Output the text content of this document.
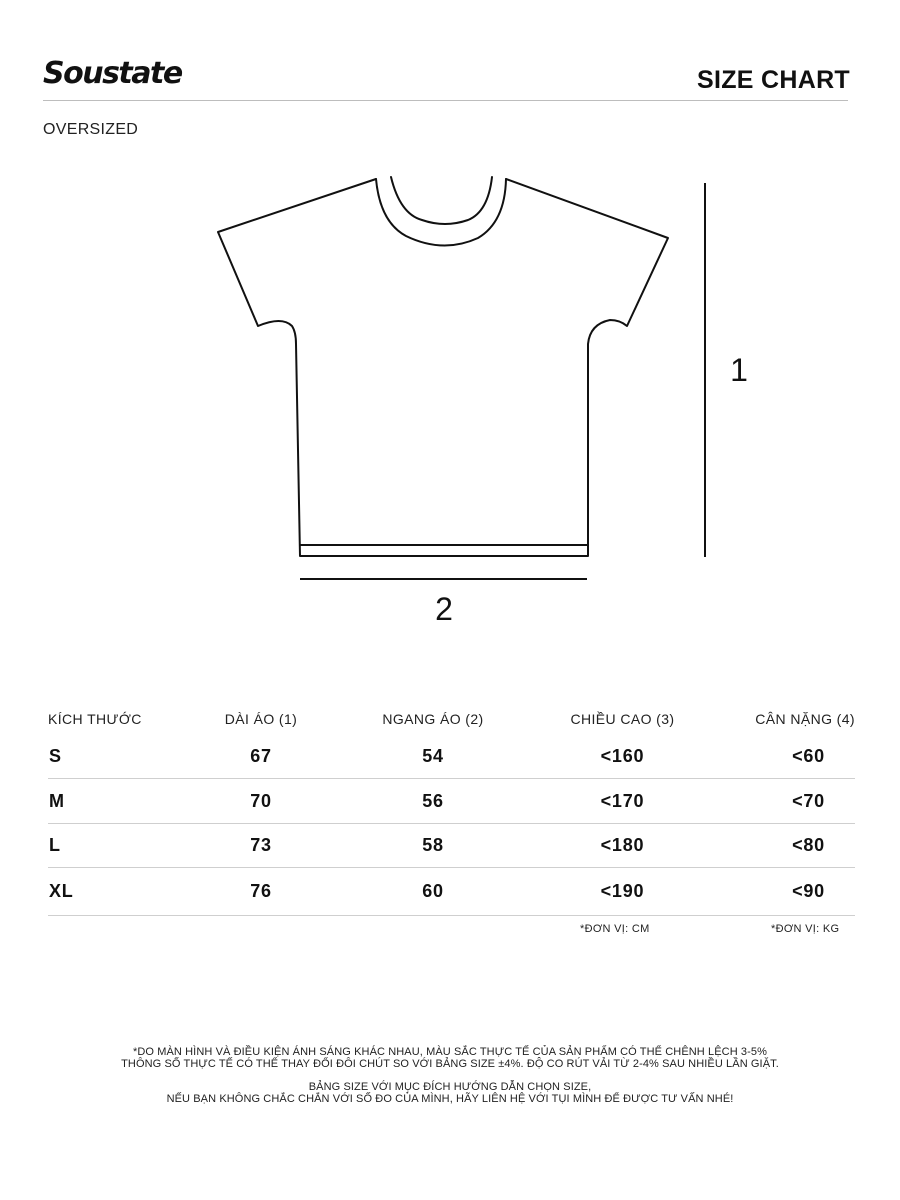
Soustate	SIZE CHART
OVERSIZED
1
2
KÍCH THƯỚC	DÀI ÁO (1)	NGANG ÁO (2)	CHIỀU CAO (3)	CÂN NẶNG (4)
S	67	54	<160	<60
M	70	56	<170	<70
L	73	58	<180	<80
XL	76	60	<190	<90
*ĐƠN VỊ: CM	*ĐƠN VỊ: KG
*DO MÀN HÌNH VÀ ĐIỀU KIỆN ÁNH SÁNG KHÁC NHAU, MÀU SẮC THỰC TẾ CỦA SẢN PHẨM CÓ THỂ CHÊNH LỆCH 3-5%
THÔNG SỐ THỰC TẾ CÓ THỂ THAY ĐỔI ĐÔI CHÚT SO VỚI BẢNG SIZE ±4%. ĐỘ CO RÚT VẢI TỪ 2-4% SAU NHIỀU LẦN GIẶT.
BẢNG SIZE VỚI MỤC ĐÍCH HƯỚNG DẪN CHỌN SIZE,
NẾU BẠN KHÔNG CHẮC CHẮN VỚI SỐ ĐO CỦA MÌNH, HÃY LIÊN HỆ VỚI TỤI MÌNH ĐỂ ĐƯỢC TƯ VẤN NHÉ!
